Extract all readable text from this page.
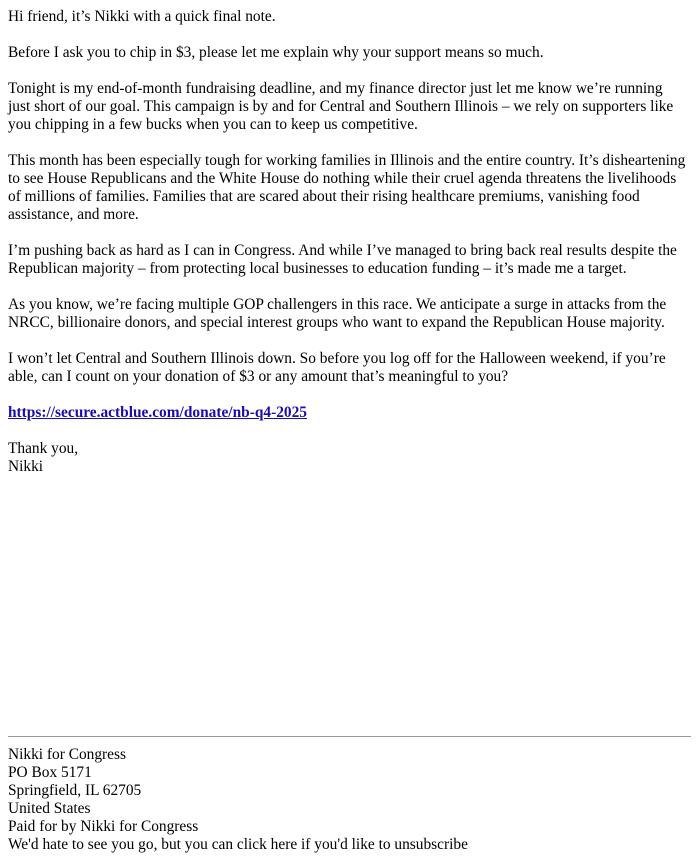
Hi friend, it’s Nikki with a quick final note.

Before I ask you to chip in $3, please let me explain why your support means so much.

Tonight is my end-of-month fundraising deadline, and my finance director just let me know we’re running just short of our goal. This campaign is by and for Central and Southern Illinois – we rely on supporters like you chipping in a few bucks when you can to keep us competitive.

This month has been especially tough for working families in Illinois and the entire country. It’s disheartening to see House Republicans and the White House do nothing while their cruel agenda threatens the livelihoods of millions of families. Families that are scared about their rising healthcare premiums, vanishing food assistance, and more.

I’m pushing back as hard as I can in Congress. And while I’ve managed to bring back real results despite the Republican majority – from protecting local businesses to education funding – it’s made me a target.

As you know, we’re facing multiple GOP challengers in this race. We anticipate a surge in attacks from the NRCC, billionaire donors, and special interest groups who want to expand the Republican House majority.

I won’t let Central and Southern Illinois down. So before you log off for the Halloween weekend, if you’re able, can I count on your donation of $3 or any amount that’s meaningful to you?

https://secure.actblue.com/donate/nb-q4-2025

Thank you,
Nikki

Nikki for Congress
PO Box 5171
Springfield, IL 62705
United States
Paid for by Nikki for Congress
We'd hate to see you go, but you can click here if you'd like to unsubscribe
